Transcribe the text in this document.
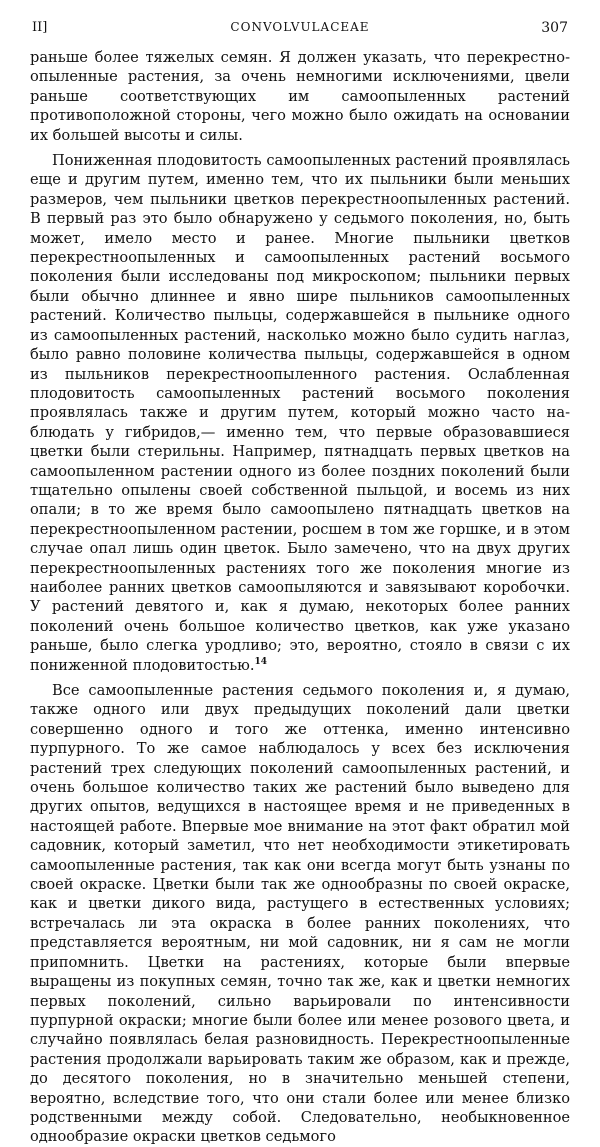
II]	CONVOLVULACEAE	307

раньше более тяжелых семян. Я должен указать, что перекрестноопыленные растения, за очень немногими исключениями, цвели раньше соответствующих им самоопыленных растений противоположной стороны, чего можно было ожидать на основании их большей высоты и силы.

Пониженная плодовитость самоопыленных растений проявлялась еще и другим путем, именно тем, что их пыльники были меньших размеров, чем пыльники цветков перекрестноопыленных растений. В первый раз это было обнаружено у седьмого поколения, но, быть может, имело место и ранее. Многие пыльники цветков перекрестноопыленных и самоопыленных растений восьмого поколения были исследованы под микроскопом; пыльники первых были обычно длиннее и явно шире пыльников самоопыленных растений. Количество пыльцы, содержавшейся в пыльнике одного из самоопыленных растений, насколько можно было судить наглаз, было равно половине количества пыльцы, содержавшейся в одном из пыльников перекрестноопыленного растения. Ослабленная плодовитость самоопыленных растений восьмого поколения проявлялась также и другим путем, который можно часто наблюдать у гибридов,— именно тем, что первые образовавшиеся цветки были стерильны. Например, пятнадцать первых цветков на самоопыленном растении одного из более поздних поколений были тщательно опылены своей собственной пыльцой, и восемь из них опали; в то же время было самоопылено пятнадцать цветков на перекрестноопыленном растении, росшем в том же горшке, и в этом случае опал лишь один цветок. Было замечено, что на двух других перекрестноопыленных растениях того же поколения многие из наиболее ранних цветков самоопыляются и завязывают коробочки. У растений девятого и, как я думаю, некоторых более ранних поколений очень большое количество цветков, как уже указано раньше, было слегка уродливо; это, вероятно, стояло в связи с их пониженной плодовитостью.$^{14}$

Все самоопыленные растения седьмого поколения и, я думаю, также одного или двух предыдущих поколений дали цветки совершенно одного и того же оттенка, именно интенсивно пурпурного. То же самое наблюдалось у всех без исключения растений трех следующих поколений самоопыленных растений, и очень большое количество таких же растений было выведено для других опытов, ведущихся в настоящее время и не приведенных в настоящей работе. Впервые мое внимание на этот факт обратил мой садовник, который заметил, что нет необходимости этикетировать самоопыленные растения, так как они всегда могут быть узнаны по своей окраске. Цветки были так же однообразны по своей окраске, как и цветки дикого вида, растущего в естественных условиях; встречалась ли эта окраска в более ранних поколениях, что представляется вероятным, ни мой садовник, ни я сам не могли припомнить. Цветки на растениях, которые были впервые выращены из покупных семян, точно так же, как и цветки немногих первых поколений, сильно варьировали по интенсивности пурпурной окраски; многие были более или менее розового цвета, и случайно появлялась белая разновидность. Перекрестноопыленные растения продолжали варьировать таким же образом, как и прежде, до десятого поколения, но в значительно меньшей степени, вероятно, вследствие того, что они стали более или менее близко родственными между собой. Следовательно, необыкновенное однообразие окраски цветков седьмого
